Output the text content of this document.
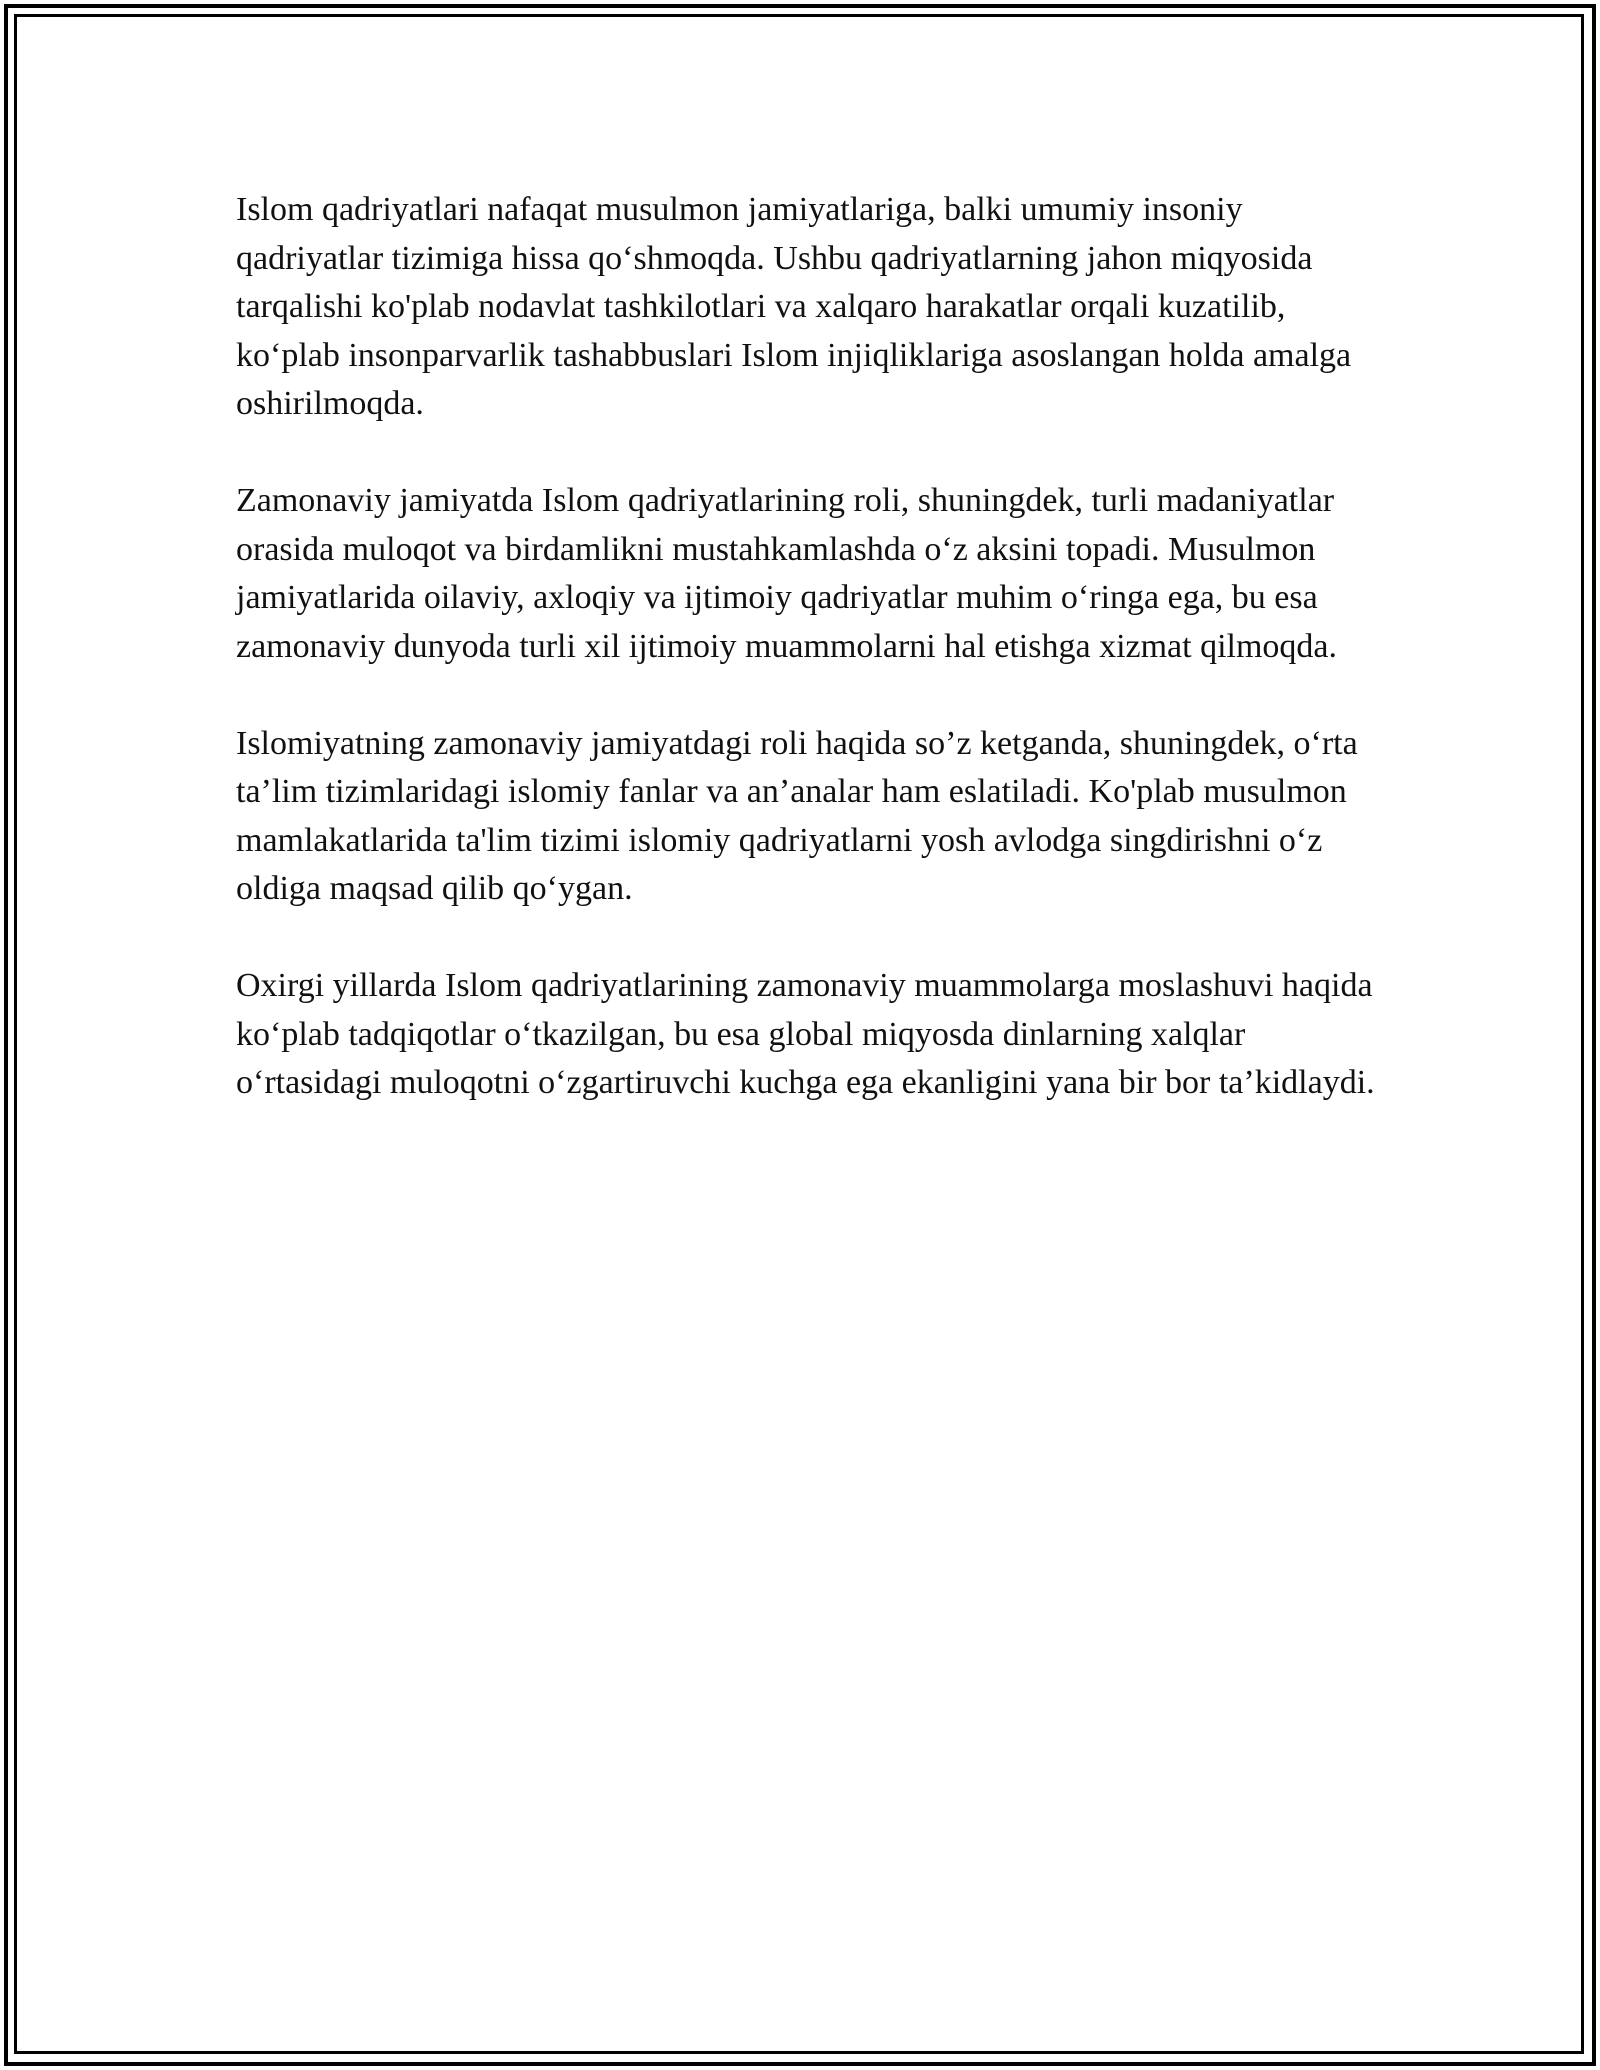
Islom qadriyatlari nafaqat musulmon jamiyatlariga, balki umumiy insoniy qadriyatlar tizimiga hissa qo‘shmoqda. Ushbu qadriyatlarning jahon miqyosida tarqalishi ko'plab nodavlat tashkilotlari va xalqaro harakatlar orqali kuzatilib, ko‘plab insonparvarlik tashabbuslari Islom injiqliklariga asoslangan holda amalga oshirilmoqda.

Zamonaviy jamiyatda Islom qadriyatlarining roli, shuningdek, turli madaniyatlar orasida muloqot va birdamlikni mustahkamlashda o‘z aksini topadi. Musulmon jamiyatlarida oilaviy, axloqiy va ijtimoiy qadriyatlar muhim o‘ringa ega, bu esa zamonaviy dunyoda turli xil ijtimoiy muammolarni hal etishga xizmat qilmoqda.

Islomiyatning zamonaviy jamiyatdagi roli haqida so’z ketganda, shuningdek, o‘rta ta’lim tizimlaridagi islomiy fanlar va an’analar ham eslatiladi. Ko'plab musulmon mamlakatlarida ta'lim tizimi islomiy qadriyatlarni yosh avlodga singdirishni o‘z oldiga maqsad qilib qo‘ygan.

Oxirgi yillarda Islom qadriyatlarining zamonaviy muammolarga moslashuvi haqida ko‘plab tadqiqotlar o‘tkazilgan, bu esa global miqyosda dinlarning xalqlar o‘rtasidagi muloqotni o‘zgartiruvchi kuchga ega ekanligini yana bir bor ta’kidlaydi.
